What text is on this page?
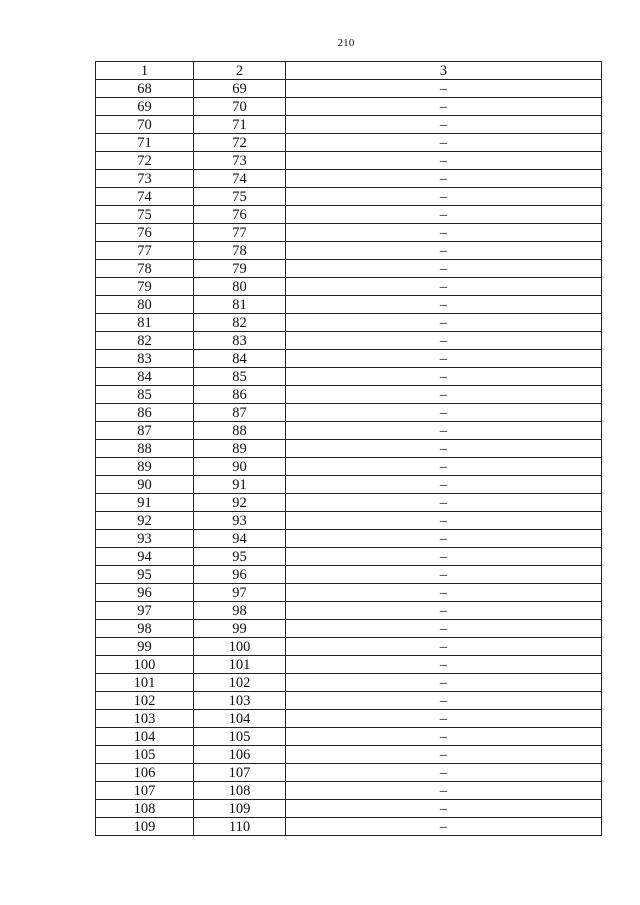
210
1	2	3
68	69	–
69	70	–
70	71	–
71	72	–
72	73	–
73	74	–
74	75	–
75	76	–
76	77	–
77	78	–
78	79	–
79	80	–
80	81	–
81	82	–
82	83	–
83	84	–
84	85	–
85	86	–
86	87	–
87	88	–
88	89	–
89	90	–
90	91	–
91	92	–
92	93	–
93	94	–
94	95	–
95	96	–
96	97	–
97	98	–
98	99	–
99	100	–
100	101	–
101	102	–
102	103	–
103	104	–
104	105	–
105	106	–
106	107	–
107	108	–
108	109	–
109	110	–
